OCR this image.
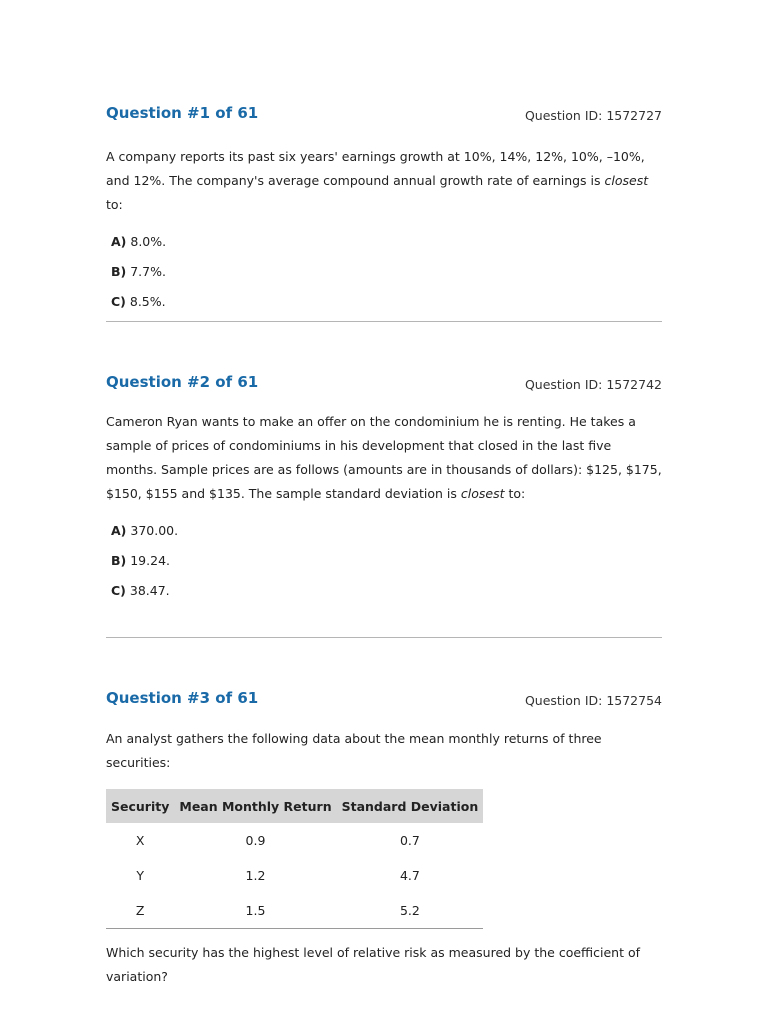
Question #1 of 61	Question ID: 1572727

A company reports its past six years' earnings growth at 10%, 14%, 12%, 10%, –10%, and 12%. The company's average compound annual growth rate of earnings is closest to:

A) 8.0%.
B) 7.7%.
C) 8.5%.
Question #2 of 61	Question ID: 1572742

Cameron Ryan wants to make an offer on the condominium he is renting. He takes a sample of prices of condominiums in his development that closed in the last five months. Sample prices are as follows (amounts are in thousands of dollars): $125, $175, $150, $155 and $135. The sample standard deviation is closest to:

A) 370.00.
B) 19.24.
C) 38.47.
Question #3 of 61	Question ID: 1572754

An analyst gathers the following data about the mean monthly returns of three securities:

Security	Mean Monthly Return	Standard Deviation
X	0.9	0.7
Y	1.2	4.7
Z	1.5	5.2

Which security has the highest level of relative risk as measured by the coefficient of variation?
